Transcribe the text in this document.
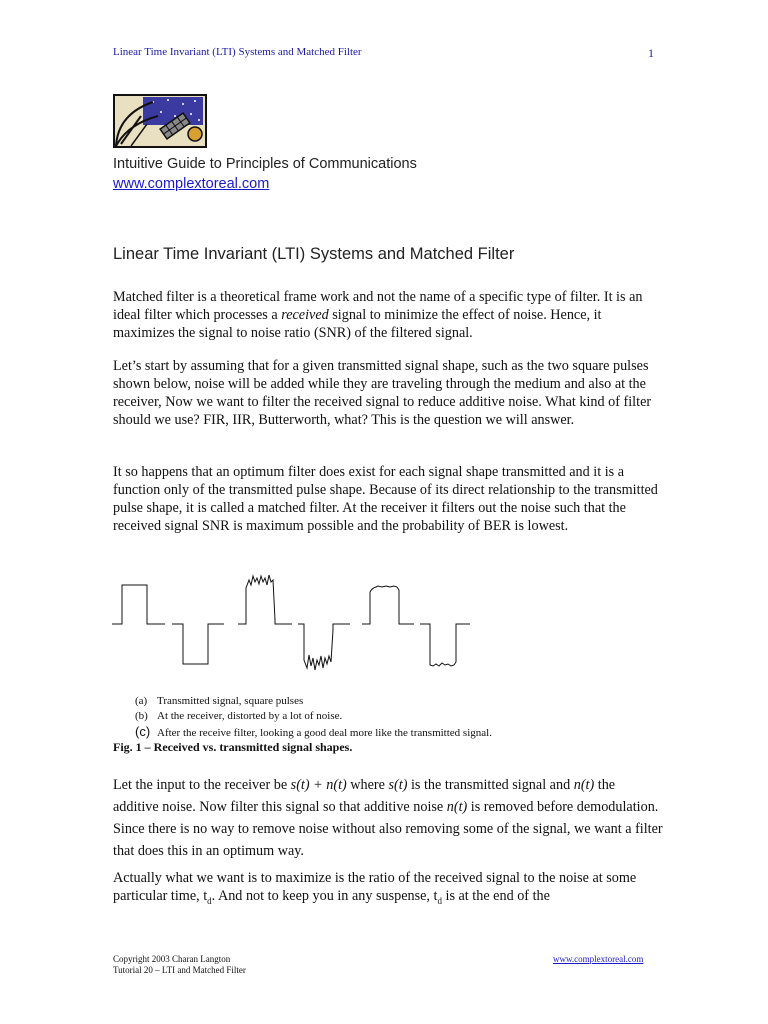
Linear Time Invariant (LTI) Systems and Matched Filter	1
Intuitive Guide to Principles of Communications
www.complextoreal.com
Linear Time Invariant (LTI) Systems and Matched Filter

Matched filter is a theoretical frame work and not the name of a specific type of filter. It is an ideal filter which processes a received signal to minimize the effect of noise. Hence, it maximizes the signal to noise ratio (SNR) of the filtered signal.

Let’s start by assuming that for a given transmitted signal shape, such as the two square pulses shown below, noise will be added while they are traveling through the medium and also at the receiver, Now we want to filter the received signal to reduce additive noise. What kind of filter should we use? FIR, IIR, Butterworth, what? This is the question we will answer.

It so happens that an optimum filter does exist for each signal shape transmitted and it is a function only of the transmitted pulse shape. Because of its direct relationship to the transmitted pulse shape, it is called a matched filter. At the receiver it filters out the noise such that the received signal SNR is maximum possible and the probability of BER is lowest.

(a) Transmitted signal, square pulses
(b) At the receiver, distorted by a lot of noise.
(c) After the receive filter, looking a good deal more like the transmitted signal.
Fig. 1 – Received vs. transmitted signal shapes.

Let the input to the receiver be s(t) + n(t) where s(t) is the transmitted signal and n(t) the additive noise. Now filter this signal so that additive noise n(t) is removed before demodulation. Since there is no way to remove noise without also removing some of the signal, we want a filter that does this in an optimum way.

Actually what we want is to maximize is the ratio of the received signal to the noise at some particular time, $t_d$. And not to keep you in any suspense, $t_d$ is at the end of the

Copyright 2003 Charan Langton
Tutorial 20 – LTI and Matched Filter
www.complextoreal.com
